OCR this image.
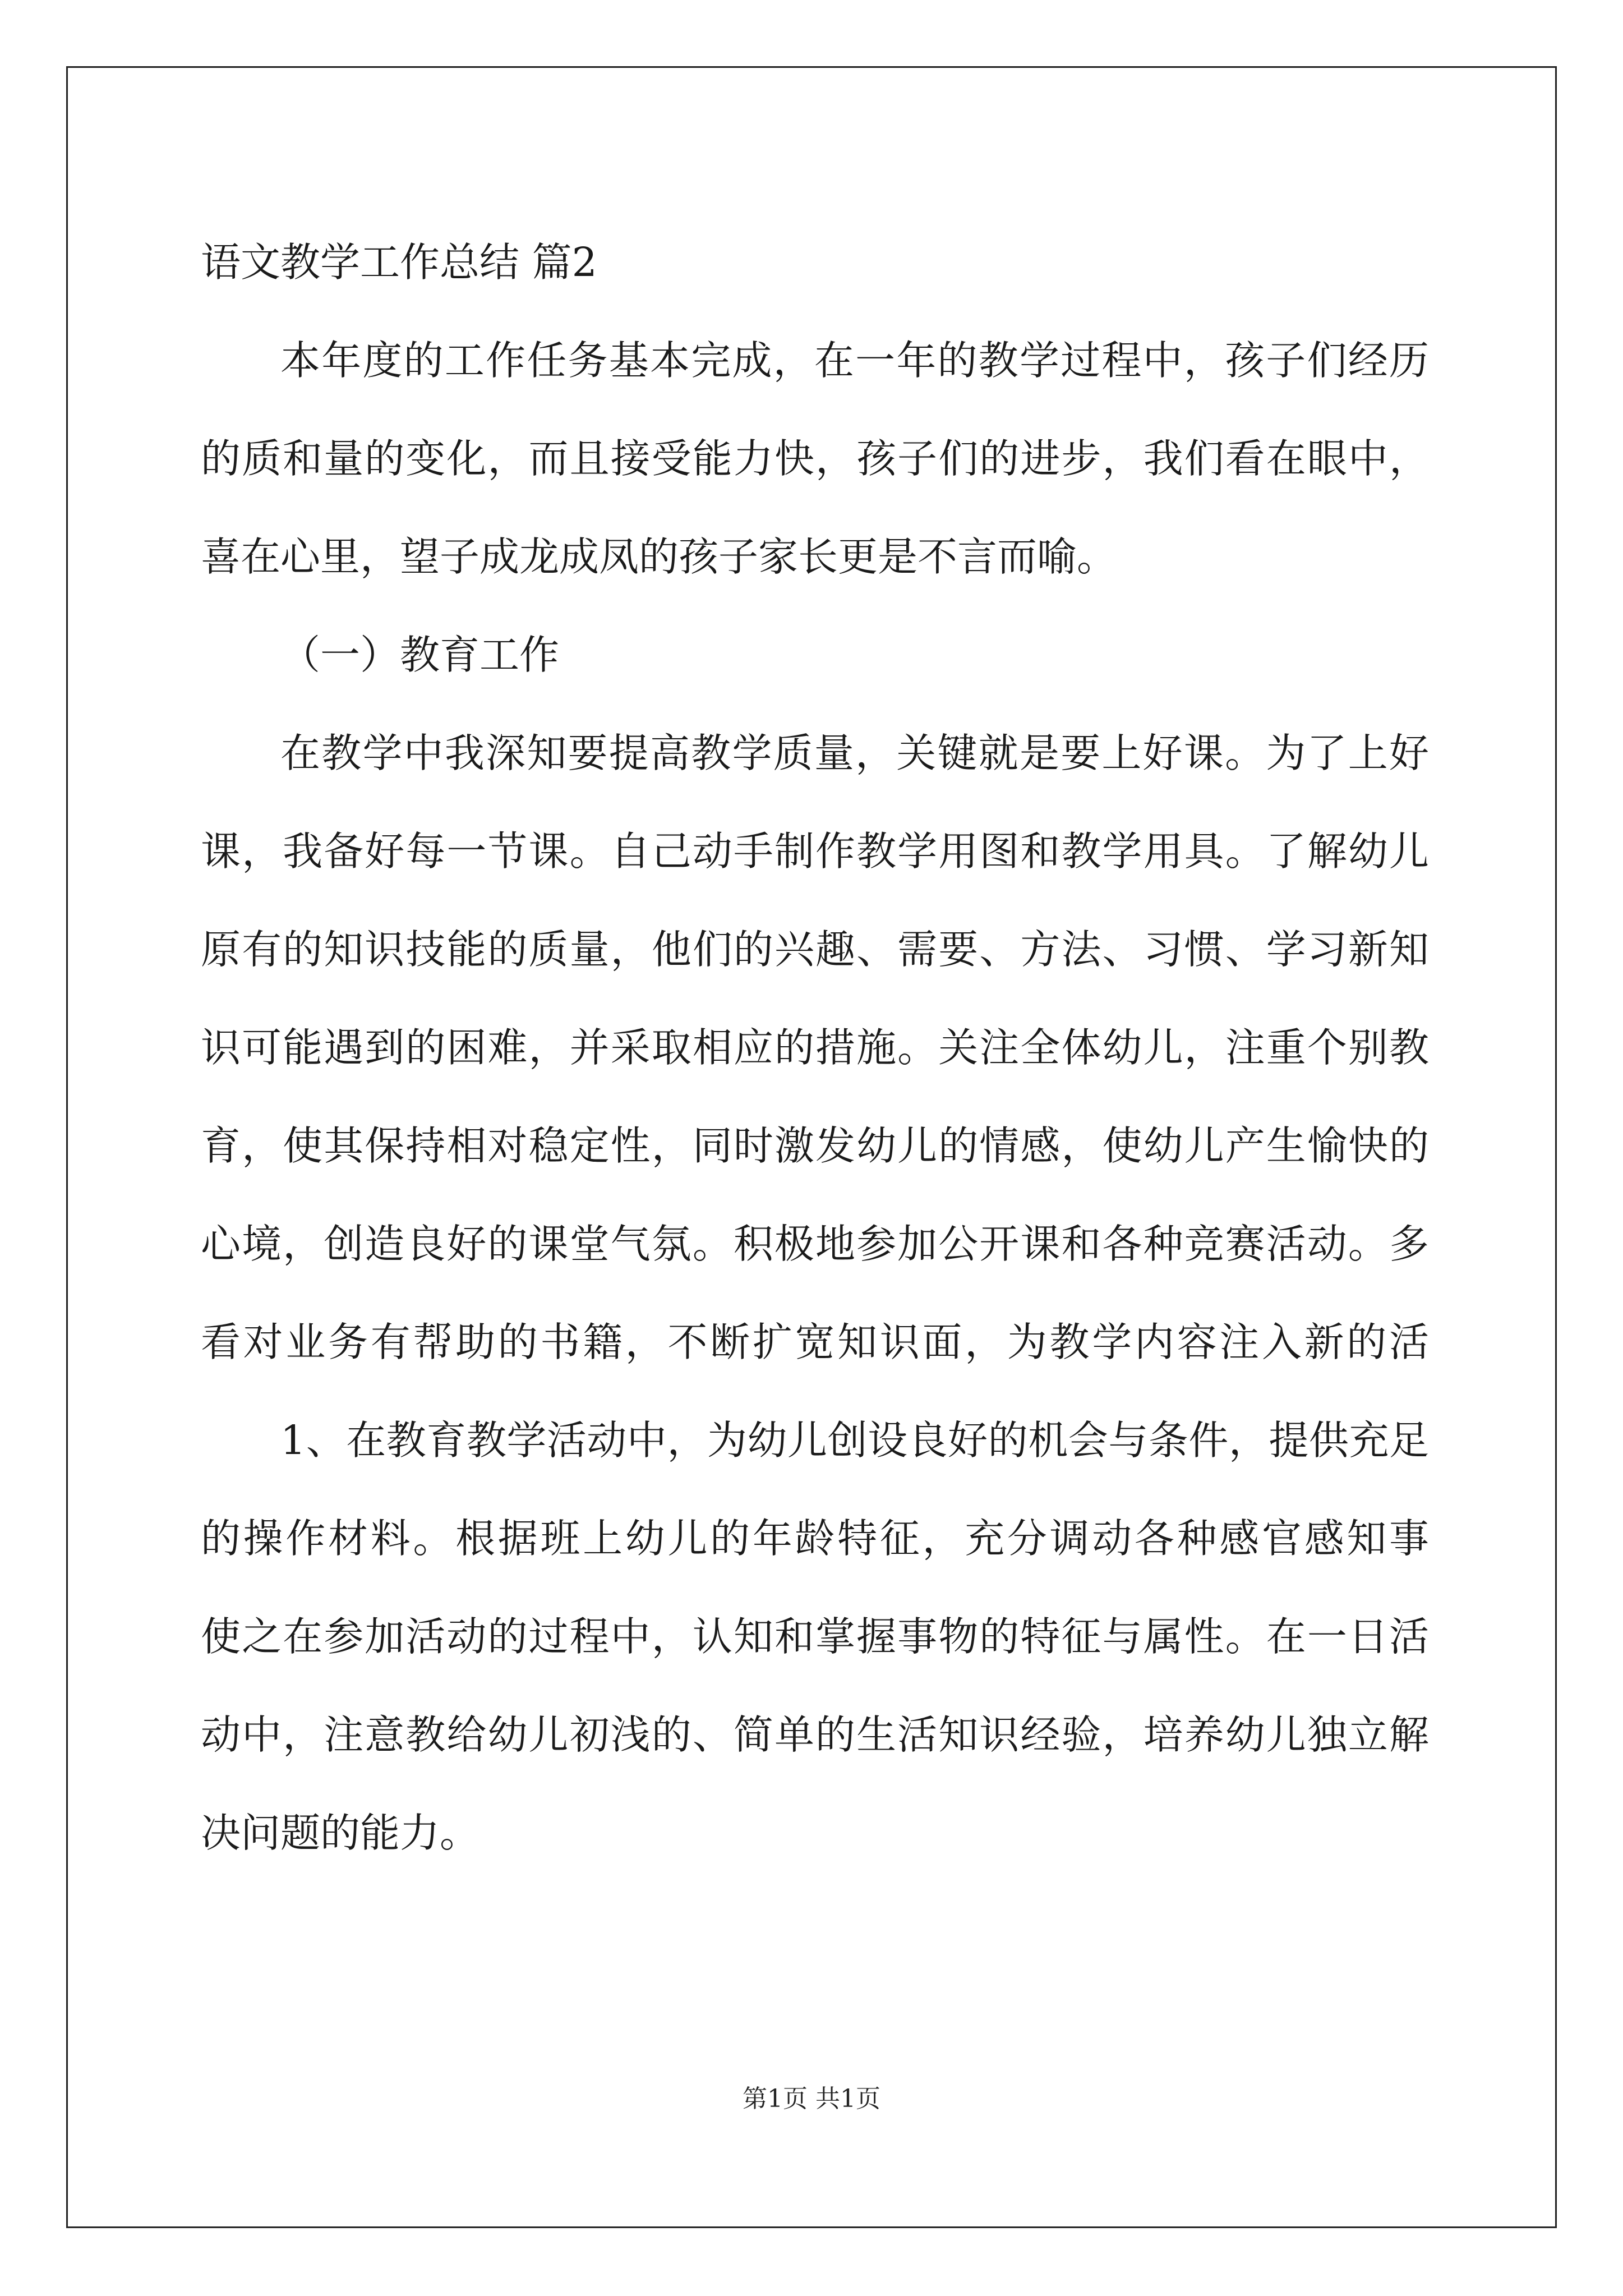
语文教学工作总结 篇2
本年度的工作任务基本完成，在一年的教学过程中，孩子们经历
的质和量的变化，而且接受能力快，孩子们的进步，我们看在眼中，
喜在心里，望子成龙成凤的孩子家长更是不言而喻。
（一）教育工作
在教学中我深知要提高教学质量，关键就是要上好课。为了上好
课，我备好每一节课。自己动手制作教学用图和教学用具。了解幼儿
原有的知识技能的质量，他们的兴趣、需要、方法、习惯、学习新知
识可能遇到的困难，并采取相应的措施。关注全体幼儿，注重个别教
育，使其保持相对稳定性，同时激发幼儿的情感，使幼儿产生愉快的
心境，创造良好的课堂气氛。积极地参加公开课和各种竞赛活动。多
看对业务有帮助的书籍，不断扩宽知识面，为教学内容注入新的活
1、在教育教学活动中，为幼儿创设良好的机会与条件，提供充足
的操作材料。根据班上幼儿的年龄特征，充分调动各种感官感知事
使之在参加活动的过程中，认知和掌握事物的特征与属性。在一日活
动中，注意教给幼儿初浅的、简单的生活知识经验，培养幼儿独立解
决问题的能力。
第1页 共1页
